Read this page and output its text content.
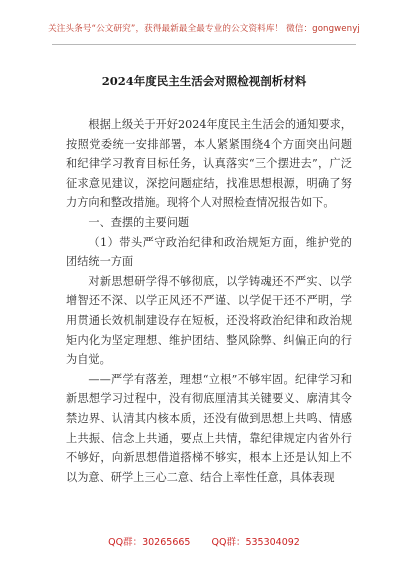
关注头条号“公文研究”，获得最新最全最专业的公文资料库！ 微信：gongwenyj
2024年度民主生活会对照检视剖析材料

根据上级关于开好2024年度民主生活会的通知要求，按照党委统一安排部署，本人紧紧围绕4个方面突出问题和纪律学习教育目标任务，认真落实“三个摆进去”，广泛征求意见建议，深挖问题症结，找准思想根源，明确了努力方向和整改措施。现将个人对照检查情况报告如下。

一、查摆的主要问题

（1）带头严守政治纪律和政治规矩方面，维护党的团结统一方面

对新思想研学得不够彻底，以学铸魂还不严实、以学增智还不深、以学正风还不严谨、以学促干还不严明，学用贯通长效机制建设存在短板，还没将政治纪律和政治规矩内化为坚定理想、维护团结、整风除弊、纠偏正向的行为自觉。

——严学有落差，理想“立根”不够牢固。纪律学习和新思想学习过程中，没有彻底厘清其关键要义、廓清其令禁边界、认清其内核本质，还没有做到思想上共鸣、情感上共振、信念上共通，要点上共情，靠纪律规定内省外行不够好，向新思想借道搭梯不够实，根本上还是认知上不以为意、研学上三心二意、结合上率性任意，具体表现

QQ群：30265665 QQ群：535304092
